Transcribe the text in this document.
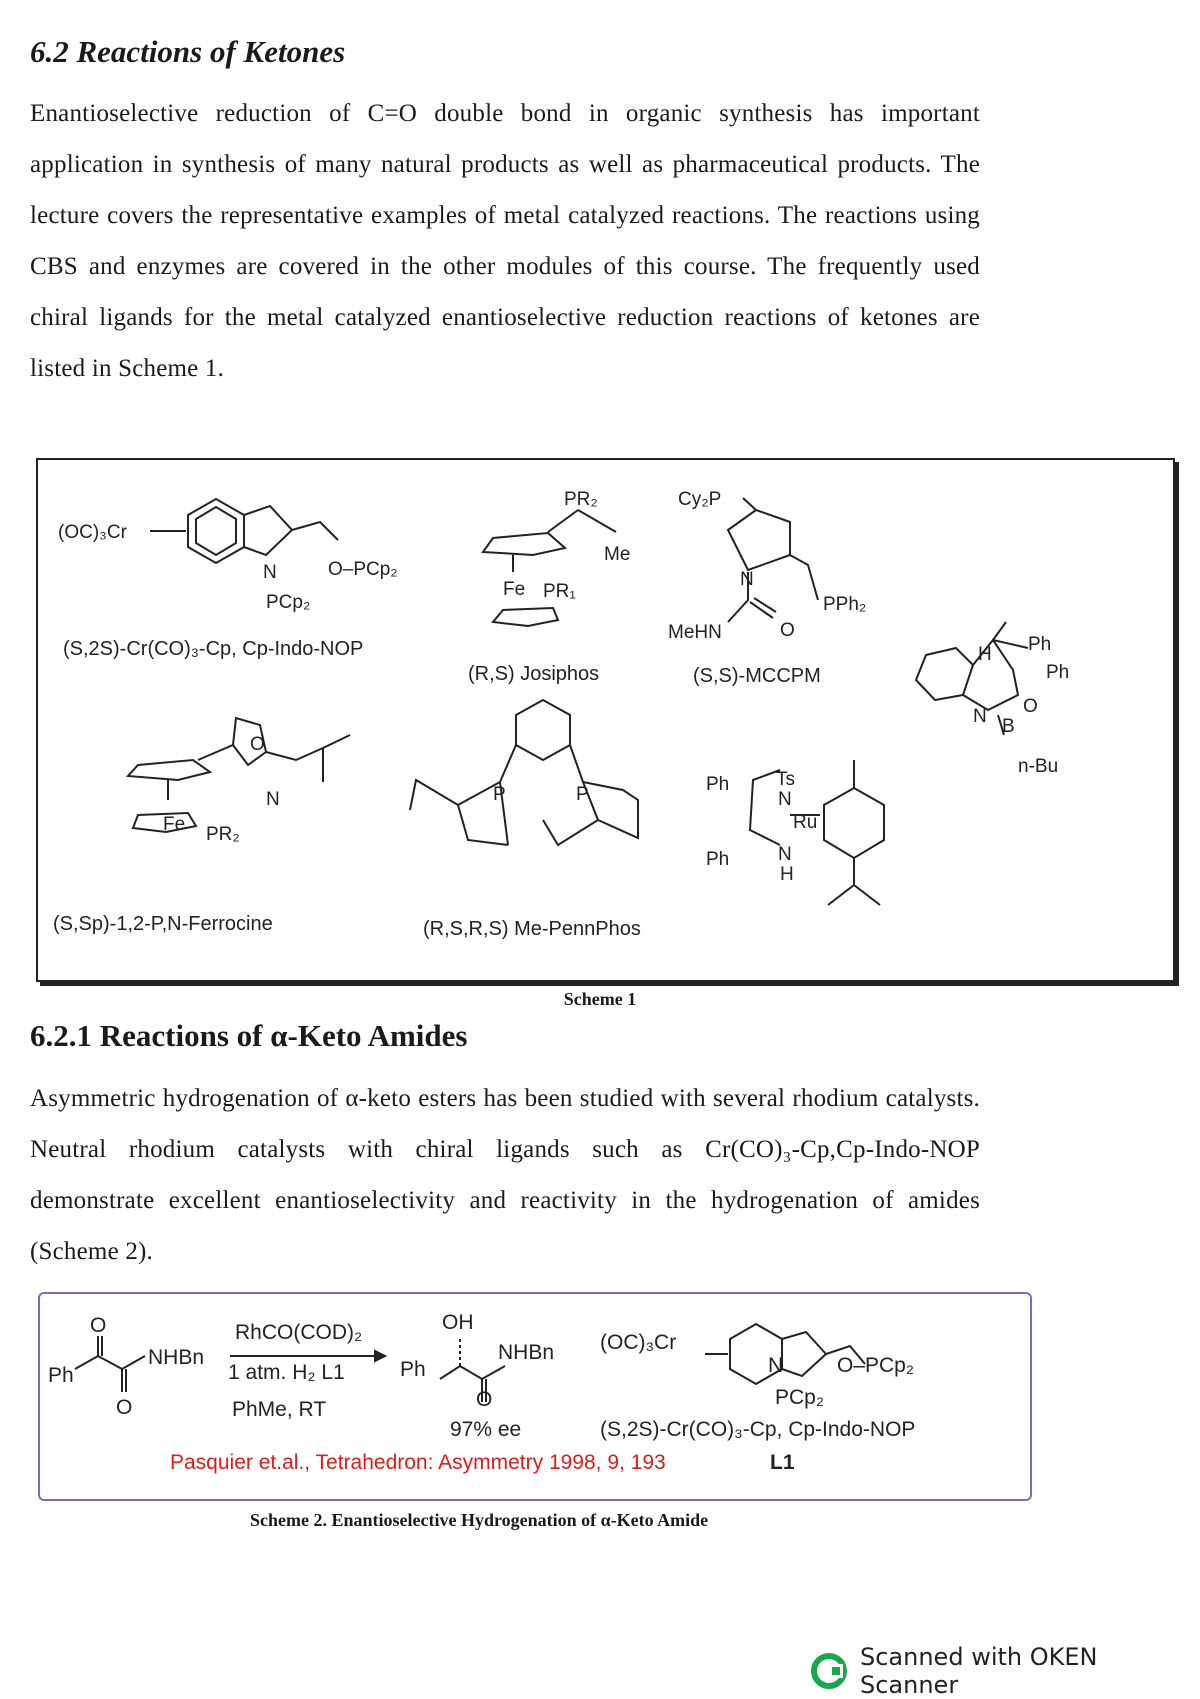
6.2 Reactions of Ketones
Enantioselective reduction of C=O double bond in organic synthesis has important application in synthesis of many natural products as well as pharmaceutical products. The lecture covers the representative examples of metal catalyzed reactions. The reactions using CBS and enzymes are covered in the other modules of this course. The frequently used chiral ligands for the metal catalyzed enantioselective reduction reactions of ketones are listed in Scheme 1.
(OC)₃Cr
N
PCp₂
O–PCp₂
PR₂
Me
Fe PR₁
Cy₂P
N
PPh₂
MeHN	O
H Ph
Ph
O
N B
n-Bu
O
N
Fe PR₂
P	P	Ph Ts
N
Ru
Ph	N
H
(S,2S)-Cr(CO)₃-Cp, Cp-Indo-NOP
(R,S) Josiphos	(S,S)-MCCPM
(S,Sp)-1,2-P,N-Ferrocine	(R,S,R,S) Me-PennPhos
Scheme 1
6.2.1 Reactions of α-Keto Amides
Asymmetric hydrogenation of α-keto esters has been studied with several rhodium catalysts. Neutral rhodium catalysts with chiral ligands such as Cr(CO)₃-Cp,Cp-Indo-NOP demonstrate excellent enantioselectivity and reactivity in the hydrogenation of amides (Scheme 2).
O
Ph
NHBn
O
RhCO(COD)₂
1 atm. H₂ L1
PhMe, RT
OH
Ph
NHBn
O
97% ee
(OC)₃Cr
N
PCp₂
O–PCp₂
(S,2S)-Cr(CO)₃-Cp, Cp-Indo-NOP
L1
Pasquier et.al., Tetrahedron: Asymmetry 1998, 9, 193
Scheme 2. Enantioselective Hydrogenation of α-Keto Amide
Scanned with OKEN Scanner
